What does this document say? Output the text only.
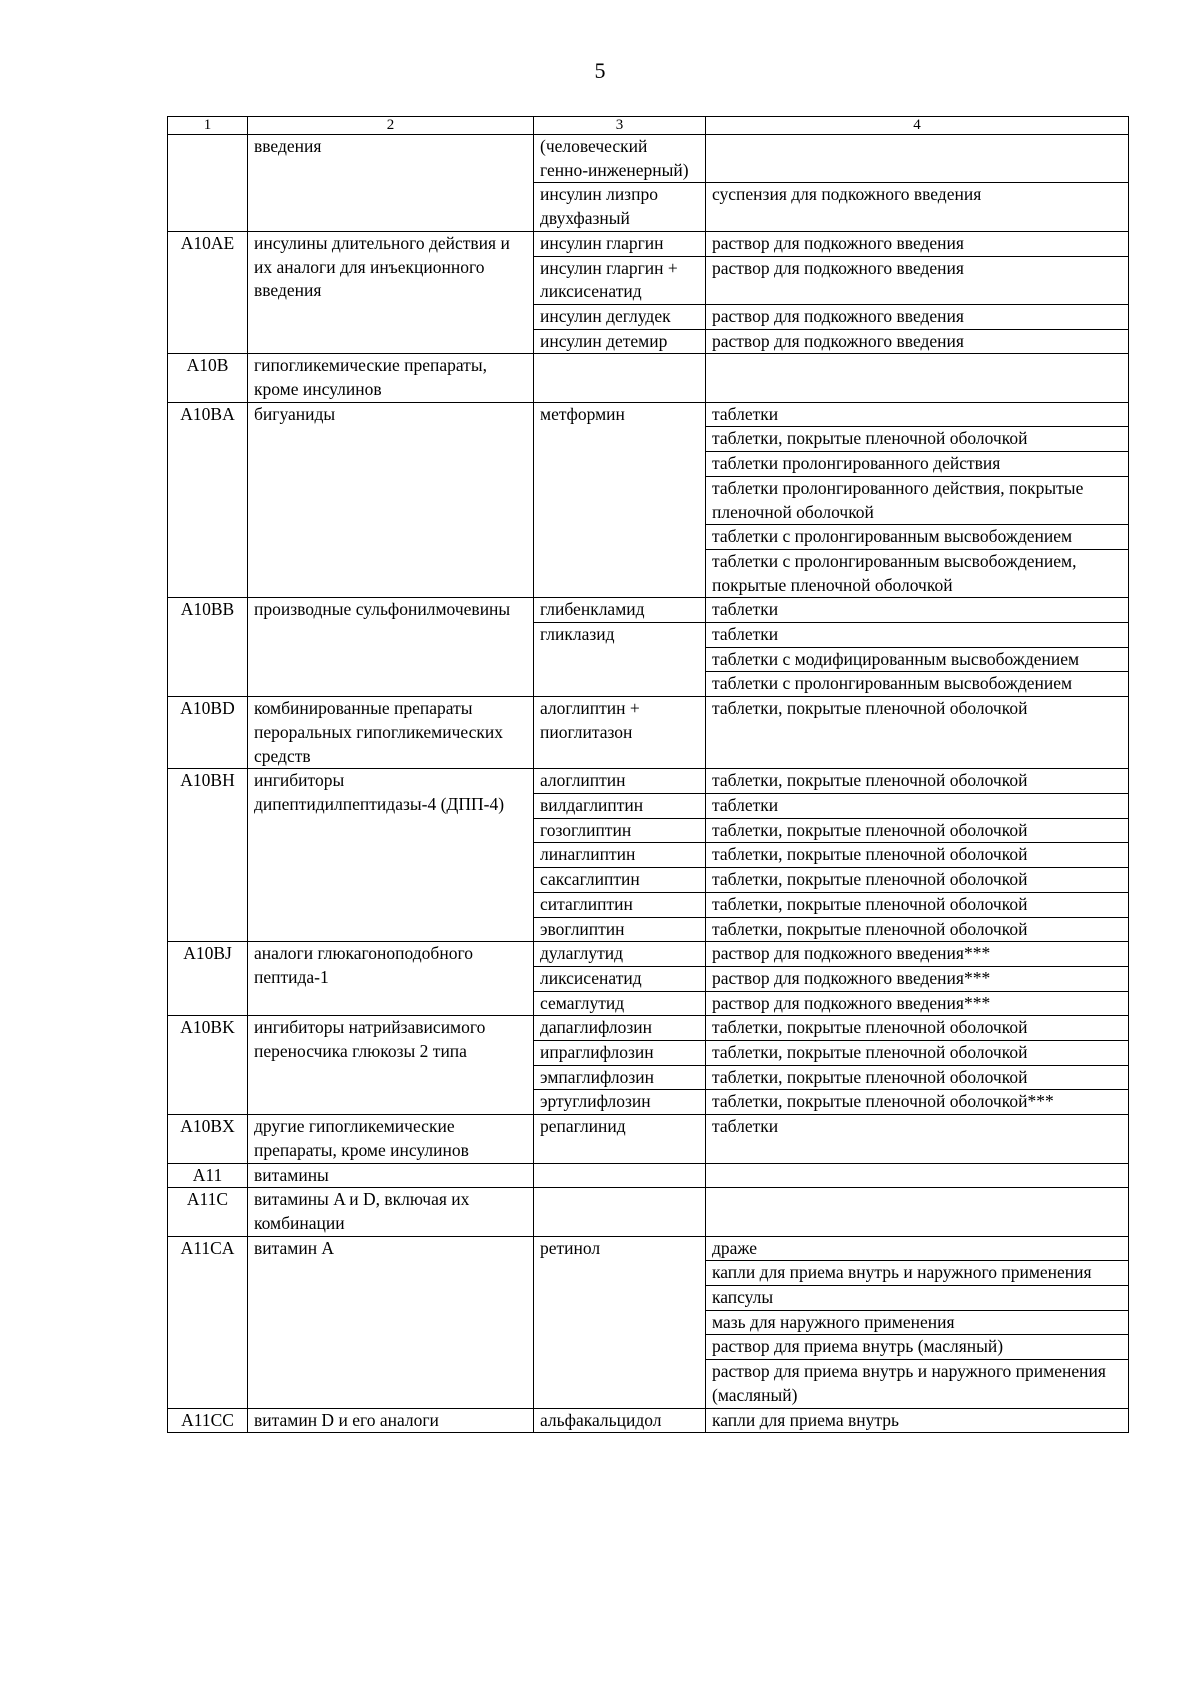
5
1	2	3	4
	введения	(человеческий генно-инженерный)	
		инсулин лизпро двухфазный	суспензия для подкожного введения
A10AE	инсулины длительного действия и их аналоги для инъекционного введения	инсулин гларгин	раствор для подкожного введения
		инсулин гларгин + ликсисенатид	раствор для подкожного введения
		инсулин деглудек	раствор для подкожного введения
		инсулин детемир	раствор для подкожного введения
A10B	гипогликемические препараты, кроме инсулинов		
A10BA	бигуаниды	метформин	таблетки
			таблетки, покрытые пленочной оболочкой
			таблетки пролонгированного действия
			таблетки пролонгированного действия, покрытые пленочной оболочкой
			таблетки с пролонгированным высвобождением
			таблетки с пролонгированным высвобождением, покрытые пленочной оболочкой
A10BB	производные сульфонилмочевины	глибенкламид	таблетки
		гликлазид	таблетки
			таблетки с модифицированным высвобождением
			таблетки с пролонгированным высвобождением
A10BD	комбинированные препараты пероральных гипогликемических средств	алоглиптин + пиоглитазон	таблетки, покрытые пленочной оболочкой
A10BH	ингибиторы дипептидилпептидазы-4 (ДПП-4)	алоглиптин	таблетки, покрытые пленочной оболочкой
		вилдаглиптин	таблетки
		гозоглиптин	таблетки, покрытые пленочной оболочкой
		линаглиптин	таблетки, покрытые пленочной оболочкой
		саксаглиптин	таблетки, покрытые пленочной оболочкой
		ситаглиптин	таблетки, покрытые пленочной оболочкой
		эвоглиптин	таблетки, покрытые пленочной оболочкой
A10BJ	аналоги глюкагоноподобного пептида-1	дулаглутид	раствор для подкожного введения***
		ликсисенатид	раствор для подкожного введения***
		семаглутид	раствор для подкожного введения***
A10BK	ингибиторы натрийзависимого переносчика глюкозы 2 типа	дапаглифлозин	таблетки, покрытые пленочной оболочкой
		ипраглифлозин	таблетки, покрытые пленочной оболочкой
		эмпаглифлозин	таблетки, покрытые пленочной оболочкой
		эртуглифлозин	таблетки, покрытые пленочной оболочкой***
A10BX	другие гипогликемические препараты, кроме инсулинов	репаглинид	таблетки
A11	витамины		
A11C	витамины A и D, включая их комбинации		
A11CA	витамин A	ретинол	драже
			капли для приема внутрь и наружного применения
			капсулы
			мазь для наружного применения
			раствор для приема внутрь (масляный)
			раствор для приема внутрь и наружного применения (масляный)
A11CC	витамин D и его аналоги	альфакальцидол	капли для приема внутрь
